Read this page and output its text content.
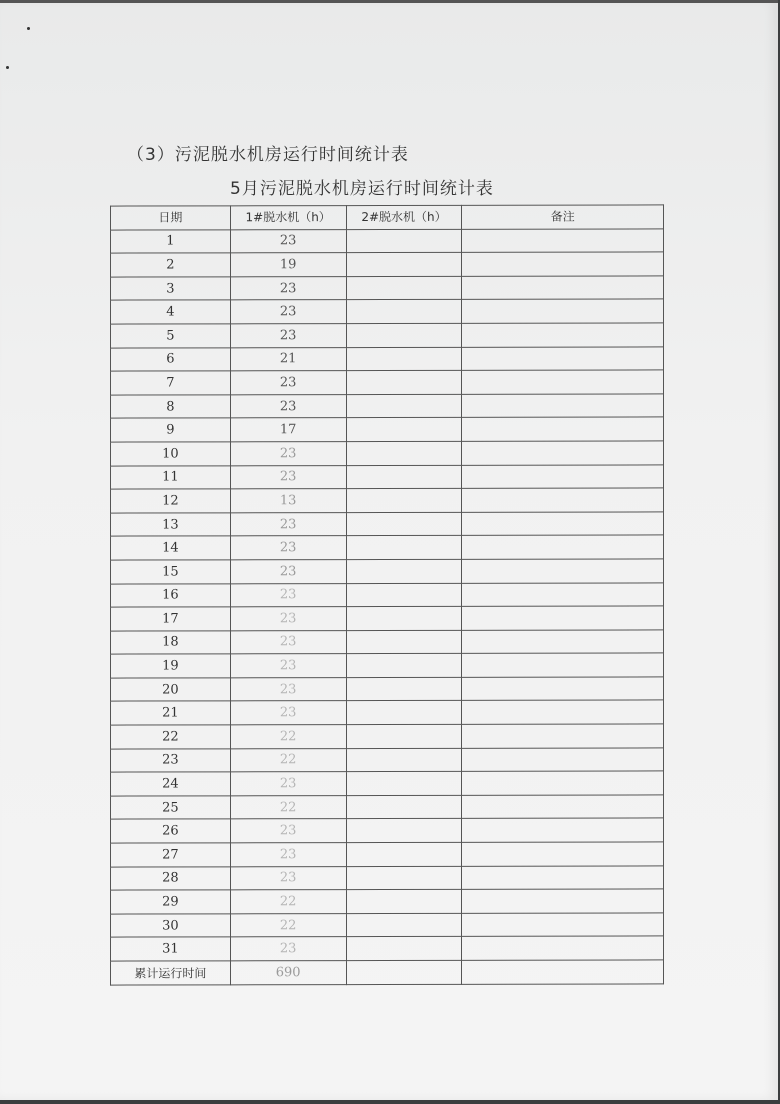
（3）污泥脱水机房运行时间统计表
5月污泥脱水机房运行时间统计表
日期	1#脱水机（h）	2#脱水机（h）	备注
1	23		
2	19		
3	23		
4	23		
5	23		
6	21		
7	23		
8	23		
9	17		
10	23		
11	23		
12	13		
13	23		
14	23		
15	23		
16	23		
17	23		
18	23		
19	23		
20	23		
21	23		
22	22		
23	22		
24	23		
25	22		
26	23		
27	23		
28	23		
29	22		
30	22		
31	23		
累计运行时间	690		
